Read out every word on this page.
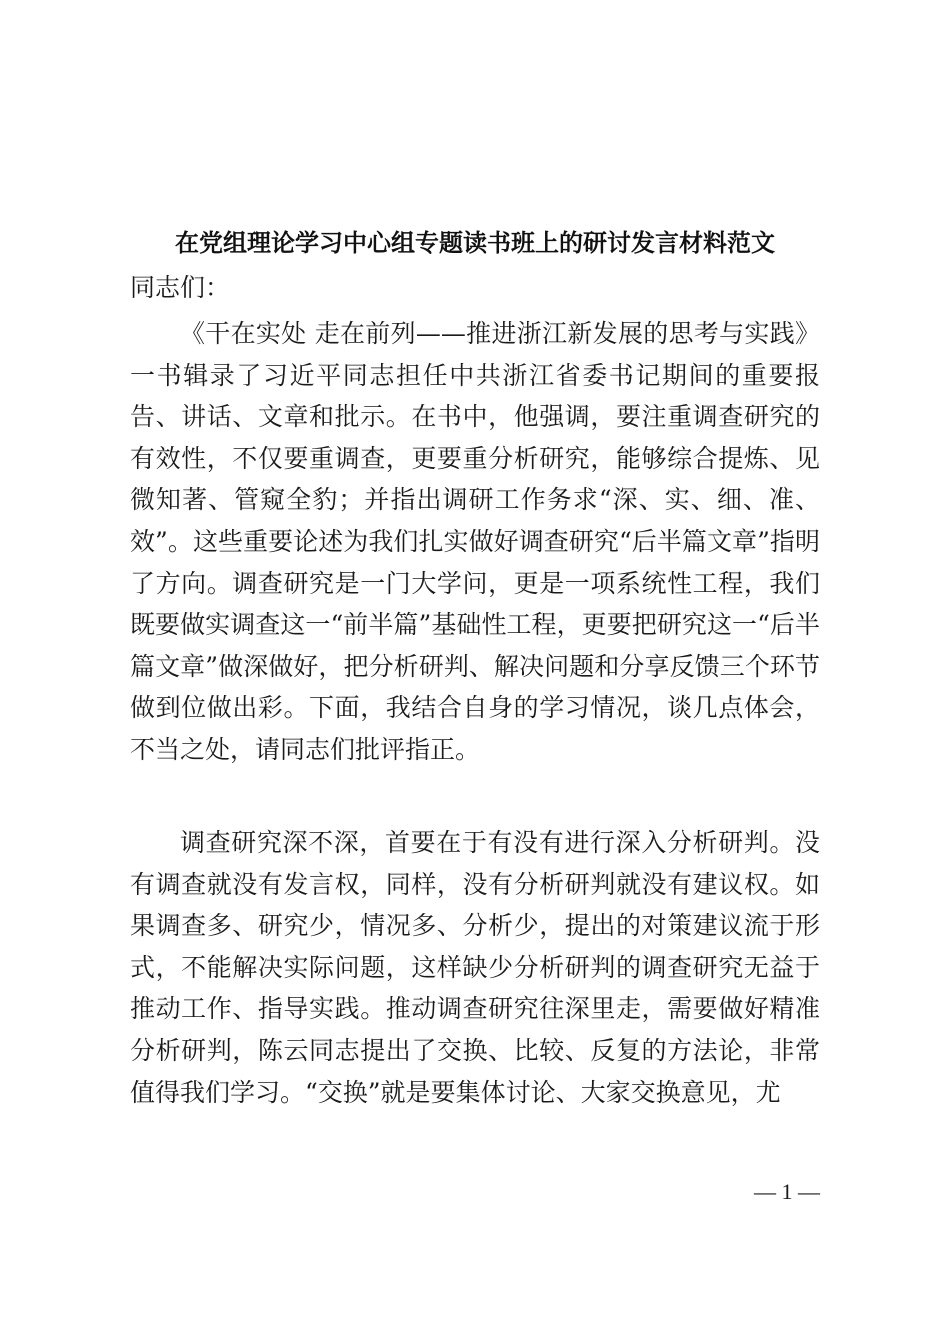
在党组理论学习中心组专题读书班上的研讨发言材料范文

同志们：

《干在实处 走在前列——推进浙江新发展的思考与实践》一书辑录了习近平同志担任中共浙江省委书记期间的重要报告、讲话、文章和批示。在书中，他强调，要注重调查研究的有效性，不仅要重调查，更要重分析研究，能够综合提炼、见微知著、管窥全豹；并指出调研工作务求“深、实、细、准、效”。这些重要论述为我们扎实做好调查研究“后半篇文章”指明了方向。调查研究是一门大学问，更是一项系统性工程，我们既要做实调查这一“前半篇”基础性工程，更要把研究这一“后半篇文章”做深做好，把分析研判、解决问题和分享反馈三个环节做到位做出彩。下面，我结合自身的学习情况，谈几点体会，不当之处，请同志们批评指正。

调查研究深不深，首要在于有没有进行深入分析研判。没有调查就没有发言权，同样，没有分析研判就没有建议权。如果调查多、研究少，情况多、分析少，提出的对策建议流于形式，不能解决实际问题，这样缺少分析研判的调查研究无益于推动工作、指导实践。推动调查研究往深里走，需要做好精准分析研判，陈云同志提出了交换、比较、反复的方法论，非常值得我们学习。“交换”就是要集体讨论、大家交换意见，尤

— 1 —
